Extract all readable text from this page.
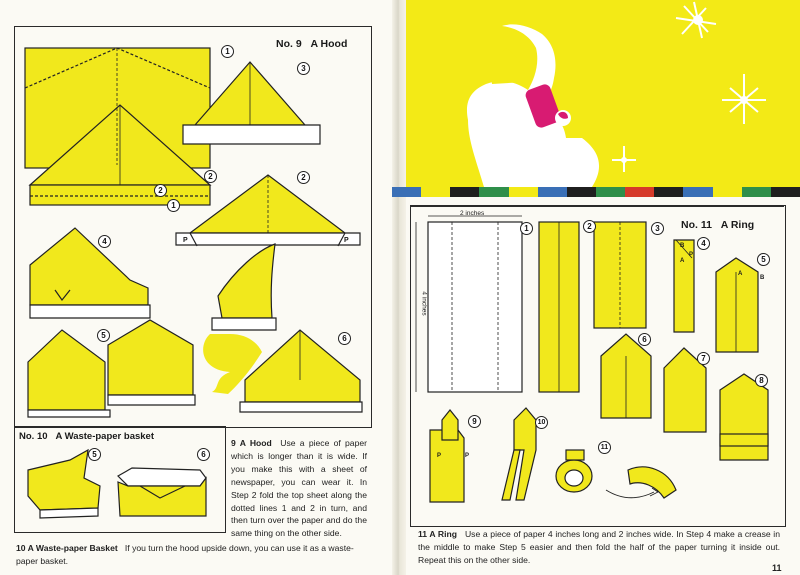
No. 9 A Hood
1
3
2	2
4
5	6
2
1
P	P
No. 10 A Waste-paper basket
5	6
9 A Hood Use a piece of paper which is longer than it is wide. If you make this with a sheet of newspaper, you can wear it. In Step 2 fold the top sheet along the dotted lines 1 and 2 in turn, and then turn over the paper and do the same thing on the other side.
10 A Waste-paper Basket If you turn the hood upside down, you can use it as a waste-paper basket.
No. 11 A Ring
2 inches
4 inches
1	2	3
4
5
6
7
8
9	10
11
B
P
A
A
B
P	P
11 A Ring Use a piece of paper 4 inches long and 2 inches wide. In Step 4 make a crease in the middle to make Step 5 easier and then fold the half of the paper turning it inside out. Repeat this on the other side.
11
